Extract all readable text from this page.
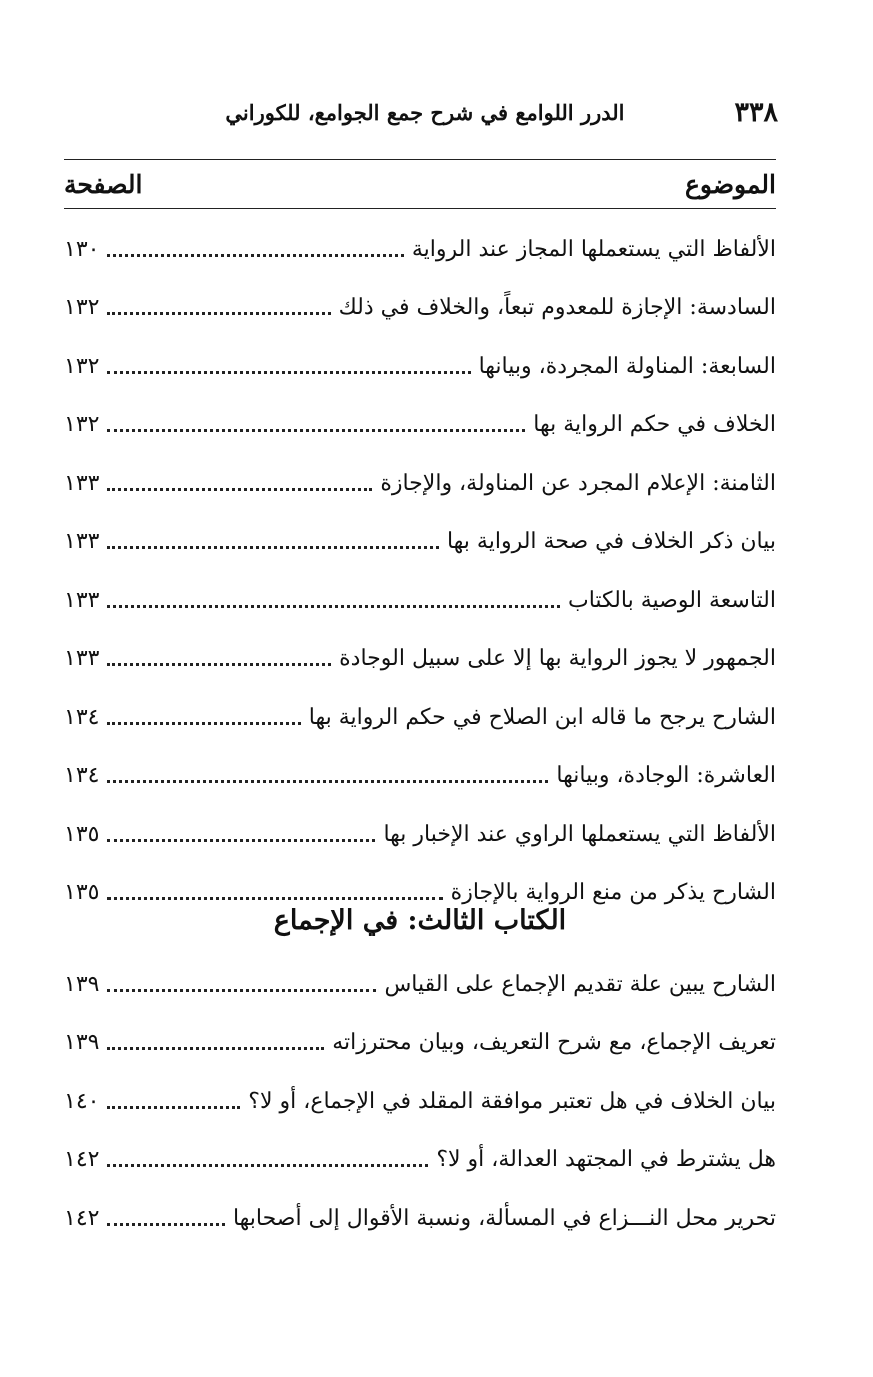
٣٣٨
الدرر اللوامع في شرح جمع الجوامع، للكوراني
الموضوع
الصفحة
الألفاظ التي يستعملها المجاز عند الرواية
١٣٠
السادسة: الإجازة للمعدوم تبعاً، والخلاف في ذلك
١٣٢
السابعة: المناولة المجردة، وبيانها
١٣٢
الخلاف في حكم الرواية بها
١٣٢
الثامنة: الإعلام المجرد عن المناولة، والإجازة
١٣٣
بيان ذكر الخلاف في صحة الرواية بها
١٣٣
التاسعة الوصية بالكتاب
١٣٣
الجمهور لا يجوز الرواية بها إلا على سبيل الوجادة
١٣٣
الشارح يرجح ما قاله ابن الصلاح في حكم الرواية بها
١٣٤
العاشرة: الوجادة، وبيانها
١٣٤
الألفاظ التي يستعملها الراوي عند الإخبار بها
١٣٥
الشارح يذكر من منع الرواية بالإجازة
١٣٥
الكتاب الثالث: في الإجماع
الشارح يبين علة تقديم الإجماع على القياس
١٣٩
تعريف الإجماع، مع شرح التعريف، وبيان محترزاته
١٣٩
بيان الخلاف في هل تعتبر موافقة المقلد في الإجماع، أو لا؟
١٤٠
هل يشترط في المجتهد العدالة، أو لا؟
١٤٢
تحرير محل النـــزاع في المسألة، ونسبة الأقوال إلى أصحابها
١٤٢
